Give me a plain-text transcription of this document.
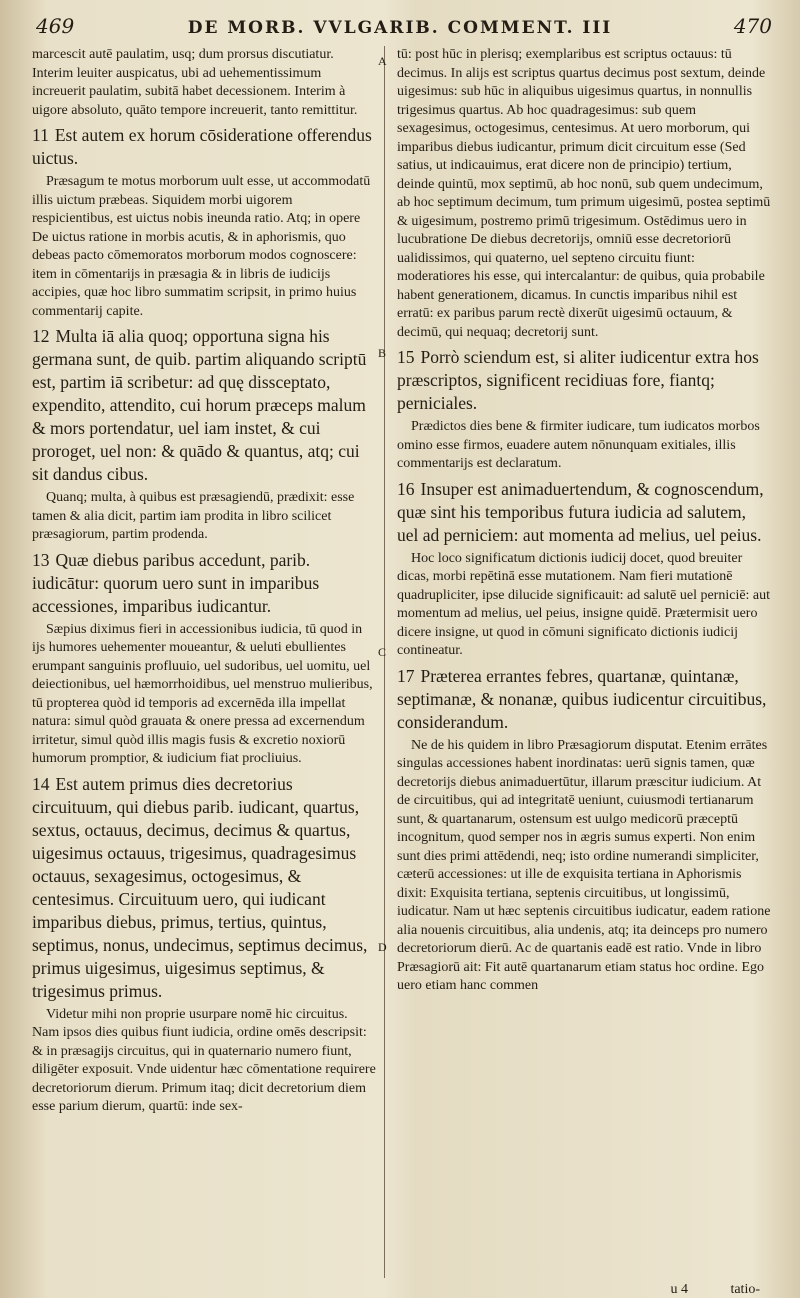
469	DE MORB. VVLGARIB. COMMENT. III	470
A
B
C
D

marcescit autē paulatim, usq; dum prorsus discutiatur. Interim leuiter auspicatus, ubi ad uehementissimum increuerit paulatim, subitā habet decessionem. Interim à uigore absoluto, quāto tempore increuerit, tanto remittitur.

11 Est autem ex horum cōsideratione offerendus uictus.

Præsagum te motus morborum uult esse, ut accommodatū illis uictum præbeas. Siquidem morbi uigorem respicientibus, est uictus nobis ineunda ratio. Atq; in opere De uictus ratione in morbis acutis, & in aphorismis, quo debeas pacto cōmemoratos morborum modos cognoscere: item in cōmentarijs in præsagia & in libris de iudicijs accipies, quæ hoc libro summatim scripsit, in primo huius commentarij capite.

12 Multa iā alia quoq; opportuna signa his germana sunt, de quib. partim aliquando scriptū est, partim iā scribetur: ad quę dissceptato, expendito, attendito, cui horum præceps malum & mors portendatur, uel iam instet, & cui proroget, uel non: & quādo & quantus, atq; cui sit dandus cibus.

Quanq; multa, à quibus est præsagiendū, prædixit: esse tamen & alia dicit, partim iam prodita in libro scilicet præsagiorum, partim prodenda.

13 Quæ diebus paribus accedunt, parib. iudicātur: quorum uero sunt in imparibus accessiones, imparibus iudicantur.

Sæpius diximus fieri in accessionibus iudicia, tū quod in ijs humores uehementer moueantur, & ueluti ebullientes erumpant sanguinis profluuio, uel sudoribus, uel uomitu, uel deiectionibus, uel hæmorrhoidibus, uel menstruo mulieribus, tū propterea quòd id temporis ad excernēda illa impellat natura: simul quòd grauata & onere pressa ad excernendum irritetur, simul quòd illis magis fusis & excretio noxiorū humorum promptior, & iudicium fiat procliuius.

14 Est autem primus dies decretorius circuituum, qui diebus parib. iudicant, quartus, sextus, octauus, decimus, decimus & quartus, uigesimus octauus, trigesimus, quadragesimus octauus, sexagesimus, octogesimus, & centesimus. Circuituum uero, qui iudicant imparibus diebus, primus, tertius, quintus, septimus, nonus, undecimus, septimus decimus, primus uigesimus, uigesimus septimus, & trigesimus primus.

Videtur mihi non proprie usurpare nomē hic circuitus. Nam ipsos dies quibus fiunt iudicia, ordine omēs descripsit: & in præsagijs circuitus, qui in quaternario numero fiunt, diligēter exposuit. Vnde uidentur hæc cōmentatione requirere decretoriorum dierum. Primum itaq; dicit decretorium diem esse parium dierum, quartū: inde sex-

tū: post hūc in plerisq; exemplaribus est scriptus octauus: tū decimus. In alijs est scriptus quartus decimus post sextum, deinde uigesimus: sub hūc in aliquibus uigesimus quartus, in nonnullis trigesimus quartus. Ab hoc quadragesimus: sub quem sexagesimus, octogesimus, centesimus. At uero morborum, qui imparibus diebus iudicantur, primum dicit circuitum esse (Sed satius, ut indicauimus, erat dicere non de principio) tertium, deinde quintū, mox septimū, ab hoc nonū, sub quem undecimum, ab hoc septimum decimum, tum primum uigesimū, postea septimū & uigesimum, postremo primū trigesimum. Ostēdimus uero in lucubratione De diebus decretorijs, omniū esse decretoriorū ualidissimos, qui quaterno, uel septeno circuitu fiunt: moderatiores his esse, qui intercalantur: de quibus, quia probabile habent generationem, dicamus. In cunctis imparibus nihil est erratū: ex paribus parum rectè dixerūt uigesimū octauum, & decimū, qui nequaq; decretorij sunt.

15 Porrò sciendum est, si aliter iudicentur extra hos præscriptos, significent recidiuas fore, fiantq; perniciales.

Prædictos dies bene & firmiter iudicare, tum iudicatos morbos omino esse firmos, euadere autem nōnunquam exitiales, illis commentarijs est declaratum.

16 Insuper est animaduertendum, & cognoscendum, quæ sint his temporibus futura iudicia ad salutem, uel ad perniciem: aut momenta ad melius, uel peius.

Hoc loco significatum dictionis iudicij docet, quod breuiter dicas, morbi repētinā esse mutationem. Nam fieri mutationē quadrupliciter, ipse dilucide significauit: ad salutē uel perniciē: aut momentum ad melius, uel peius, insigne quidē. Prætermisit uero dicere insigne, ut quod in cōmuni significato dictionis iudicij contineatur.

17 Præterea errantes febres, quartanæ, quintanæ, septimanæ, & nonanæ, quibus iudicentur circuitibus, considerandum.

Ne de his quidem in libro Præsagiorum disputat. Etenim errātes singulas accessiones habent inordinatas: uerū signis tamen, quæ decretorijs diebus animaduertūtur, illarum præscitur iudicium. At de circuitibus, qui ad integritatē ueniunt, cuiusmodi tertianarum sunt, & quartanarum, ostensum est uulgo medicorū præceptū incognitum, quod semper nos in ægris sumus experti. Non enim sunt dies primi attēdendi, neq; isto ordine numerandi simpliciter, cæterū accessiones: ut ille de exquisita tertiana in Aphorismis dixit: Exquisita tertiana, septenis circuitibus, ut longissimū, iudicatur. Nam ut hæc septenis circuitibus iudicatur, eadem ratione alia nouenis circuitibus, alia undenis, atq; ita deinceps pro numero decretoriorum dierū. Ac de quartanis eadē est ratio. Vnde in libro Præsagiorū ait: Fit autē quartanarum etiam status hoc ordine. Ego uero etiam hanc commen

u 4	tatio-
